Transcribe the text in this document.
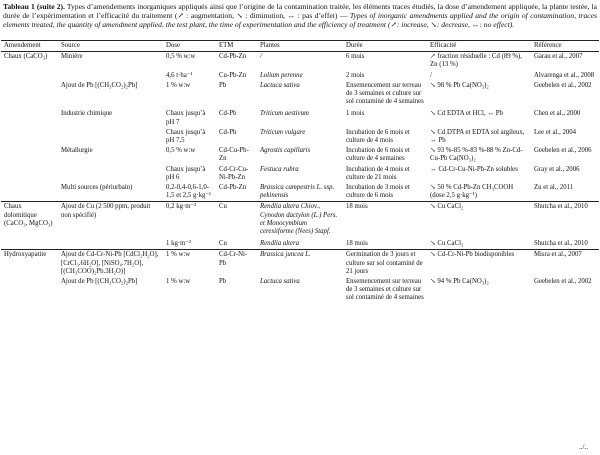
Tableau 1 (suite 2). Types d’amendements inorganiques appliqués ainsi que l’origine de la contamination traitée, les éléments traces étudiés, la dose d’amendement appliquée, la plante testée, la durée de l’expérimentation et l’efficacité du traitement (↗ : augmentation, ↘ : diminution, ↔ : pas d’effet) — Types of inorganic amendments applied and the origin of contamination, traces elements treated, the quantity of amendment applied, the test plant, the time of experimentation and the efficiency of treatment (↗: increase, ↘: decrease, ↔: no effect).
Amendement	Source	Dose	ETM	Plantes	Durée	Efficacité	Référence
Chaux (CaCO₃)	Minière	0,5 % w:w	Cd-Pb-Zn	/	6 mois	↗ fraction résiduelle : Cd (89 %), Zn (13 %)	Garau et al., 2007
		4,6 t·ha⁻¹	Cu-Pb-Zn	Lolium perenne	2 mois	/	Alvarenga et al., 2008
	Ajout de Pb [(CH₃CO₂)₂Pb]	1 % w:w	Pb	Lactuca sativa	Ensemencement sur terreau de 3 semaines et culture sur sol contaminé de 4 semaines	↘ 98 % Pb Ca(NO₃)₂	Geebelen et al., 2002
	Industrie chimique	Chaux jusqu’à pH 7	Cd-Pb	Triticum aestivum	1 mois	↘ Cd EDTA et HCl, ↔ Pb	Chen et al., 2000
		Chaux jusqu’à pH 7,5	Cd-Pb	Triticum vulgare	Incubation de 6 mois et culture de 4 mois	↘ Cd DTPA et EDTA sol argileux, ↔ Pb	Lee et al., 2004
	Métallurgie	0,5 % w:w	Cd-Cu-Pb-Zn	Agrostis capillaris	Incubation de 6 mois et culture de 4 semaines	↘ 93 %-85 %-83 %-88 % Zn-Cd-Cu-Pb Ca(NO₃)₂	Geebelen et al., 2006
		Chaux jusqu’à pH 6	Cd-Cr-Cu-Ni-Pb-Zn	Festuca rubra	Incubation de 4 mois et culture de 21 mois	↔ Cd-Cr-Cu-Ni-Pb-Zn solubles	Gray et al., 2006
	Multi sources (périurbain)	0,2-0,4-0,6-1,0-1,5 et 2,5 g·kg⁻¹	Cd-Pb-Zn	Brassica campestris L. ssp. pekinensis	Incubation de 3 mois et culture de 6 mois	↘ 50 % Cd-Pb-Zn CH₃COOH (dose 2,5 g·kg⁻¹)	Zu et al., 2011
Chaux dolomitique (CaCO₃, MgCO₃)	Ajout de Cu (2 500 ppm, produit non spécifié)	0,2 kg·m⁻²	Cu	Rendlia altera Chiov., Cynodon dactylon (L.) Pers. et Monocymbium ceresiiforme (Nees) Stapf.	18 mois	↘ Cu CaCl₂	Shutcha et al., 2010
		1 kg·m⁻²	Cu	Rendlia altera	18 mois	↘ Cu CaCl₂	Shutcha et al., 2010
Hydroxyapatite	Ajout de Cd-Cr-Ni-Pb [CdCl₂H₂O], [CrCl₃.6H₂O], [NiSO₄.7H₂O], [(CH₃COO)₂Pb.3H₂O)]	1 % w:w	Cd-Cr-Ni-Pb	Brassica juncea L.	Germination de 3 jours et culture sur sol contaminé de 21 jours	↘ Cd-Cr-Ni-Pb biodisponibles	Misra et al., 2007
	Ajout de Pb [(CH₃CO₂)₂Pb]	1 % w:w	Pb	Lactuca sativa	Ensemencement sur terreau de 3 semaines et culture sur sol contaminé de 4 semaines	↘ 94 % Pb Ca(NO₃)₂	Geebelen et al., 2002
../..
